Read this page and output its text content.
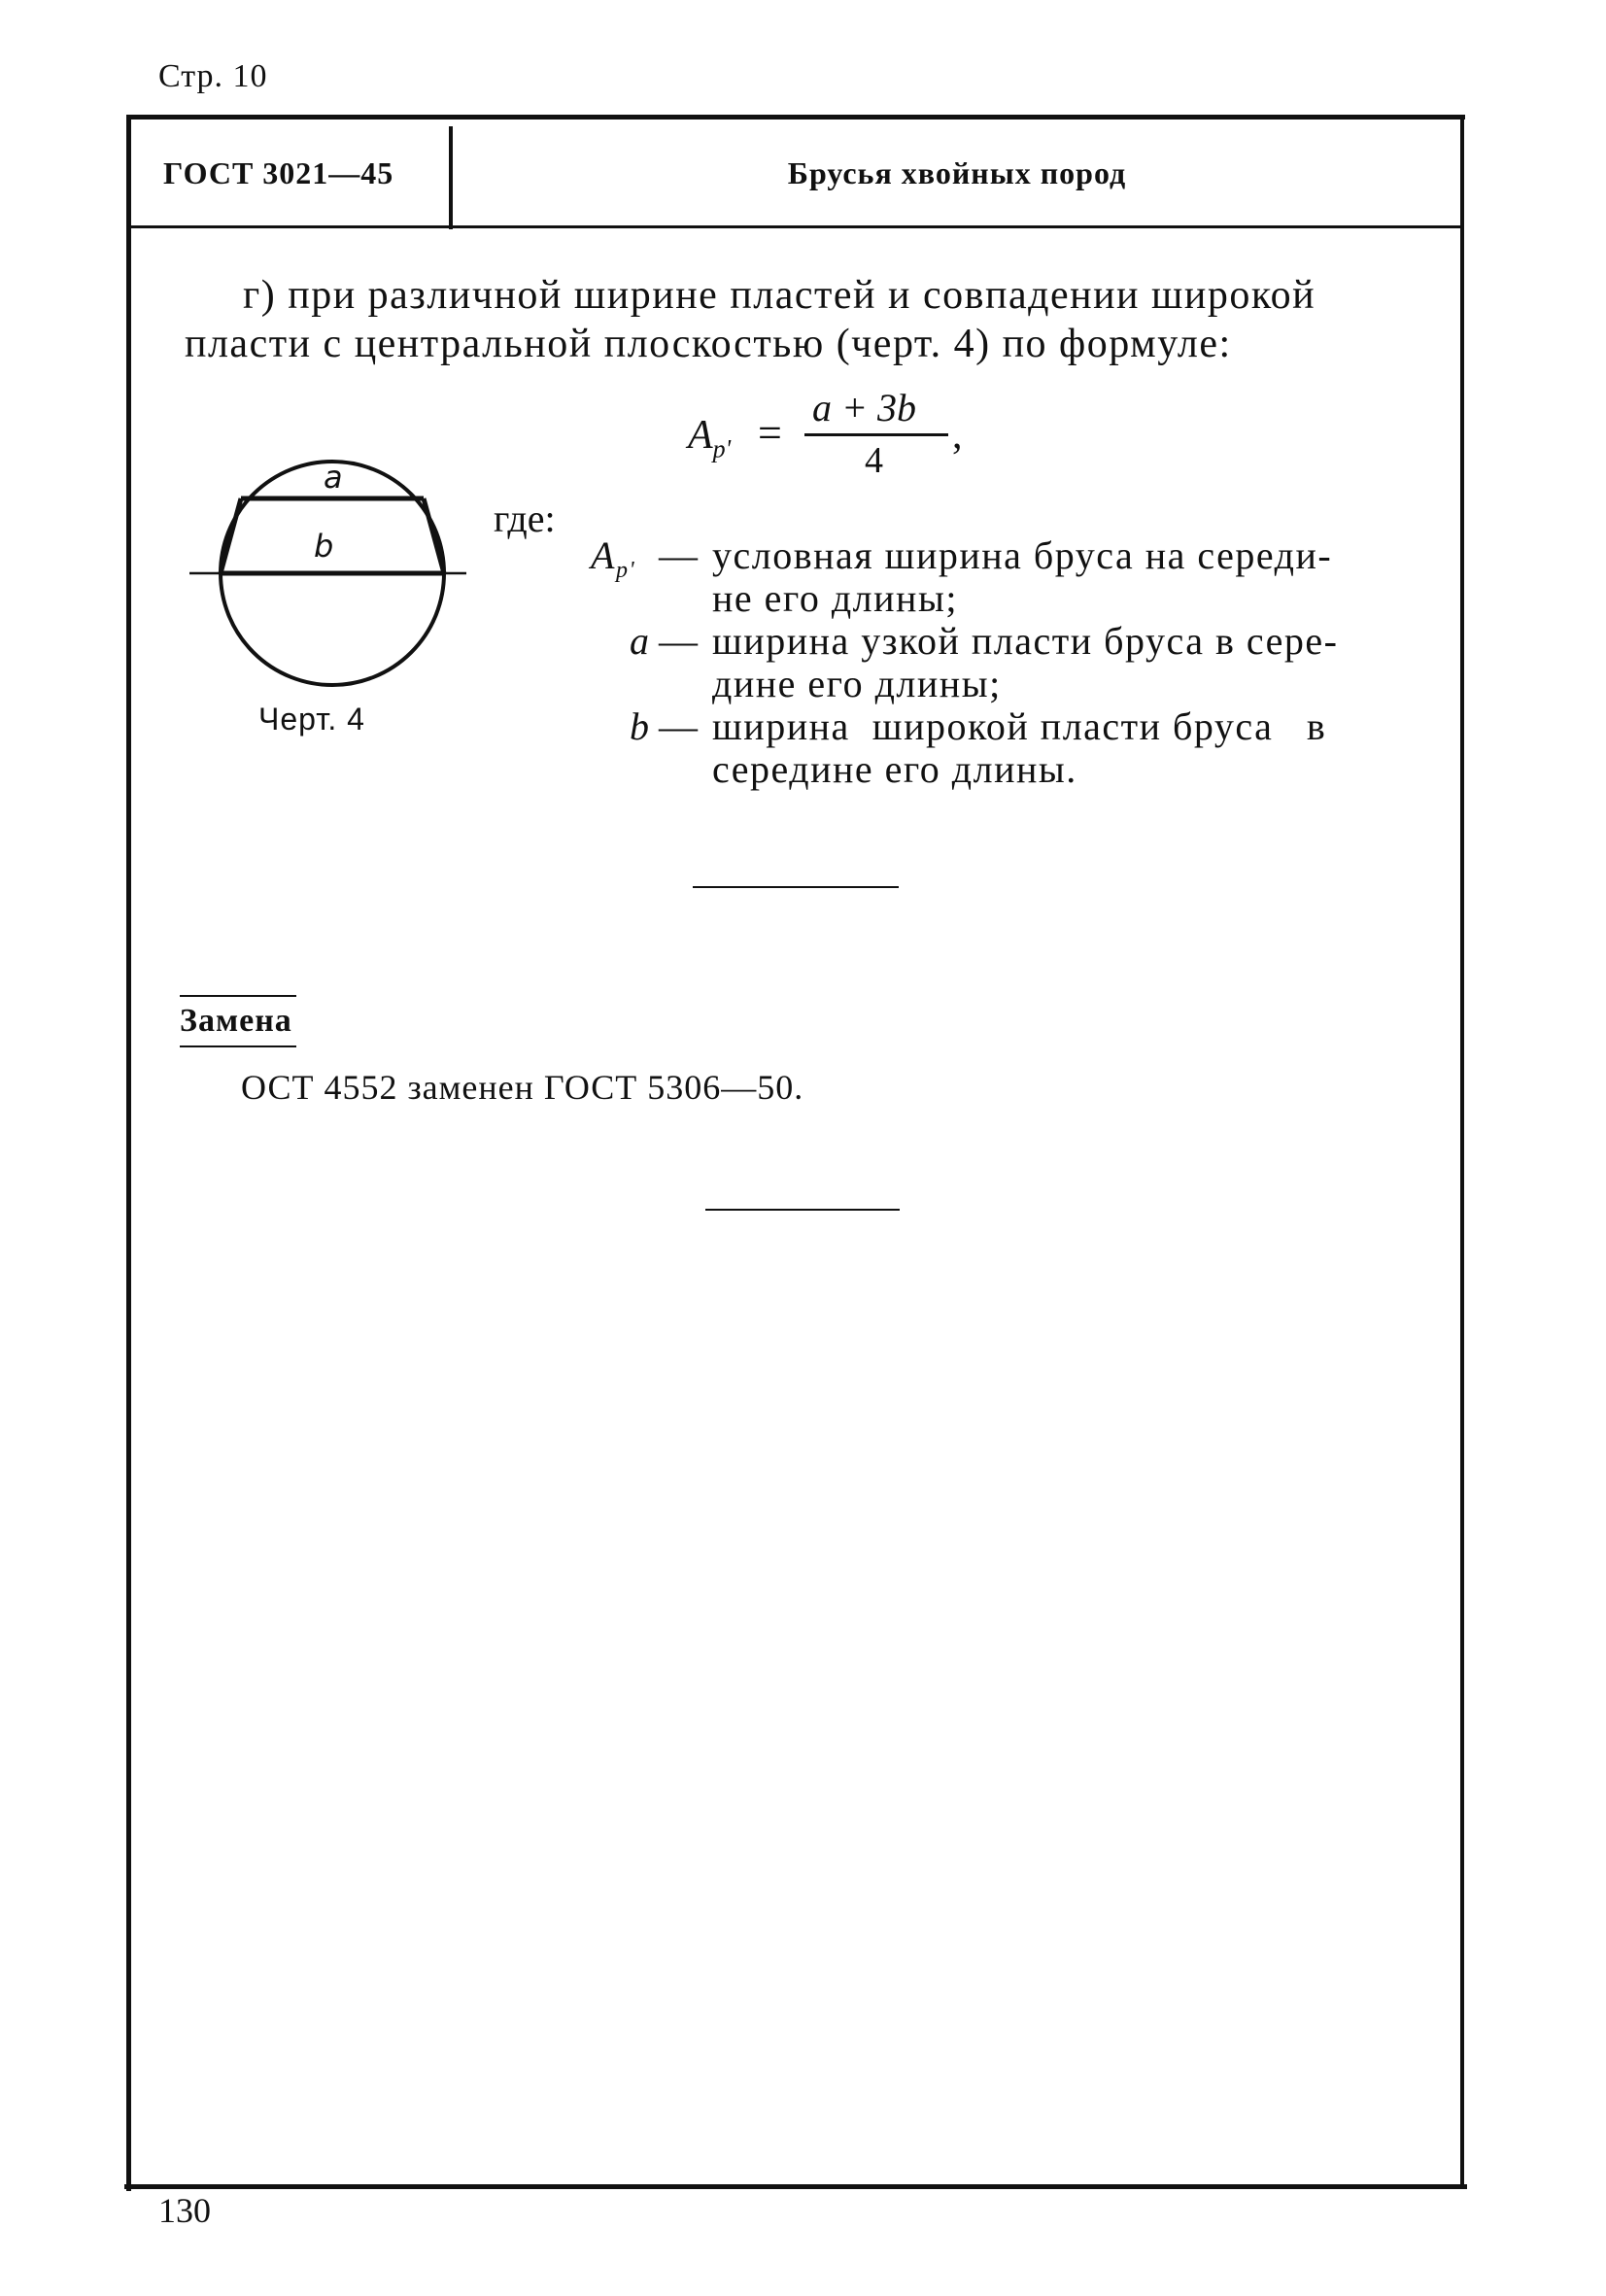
Стр. 10
ГОСТ 3021—45	Брусья хвойных пород
г) при различной ширине пластей и совпадении широкой
пласти с центральной плоскостью (черт. 4) по формуле:
$A_{p'}$ =
a + 3b
4
,
a
b
Черт. 4
где:
$A_{p'}$ — условная ширина бруса на середи-
не его длины;
a — ширина узкой пласти бруса в сере-
дине его длины;
b — ширина  широкой пласти бруса   в
середине его длины.
Замена
ОСТ 4552 заменен ГОСТ 5306—50.
130
